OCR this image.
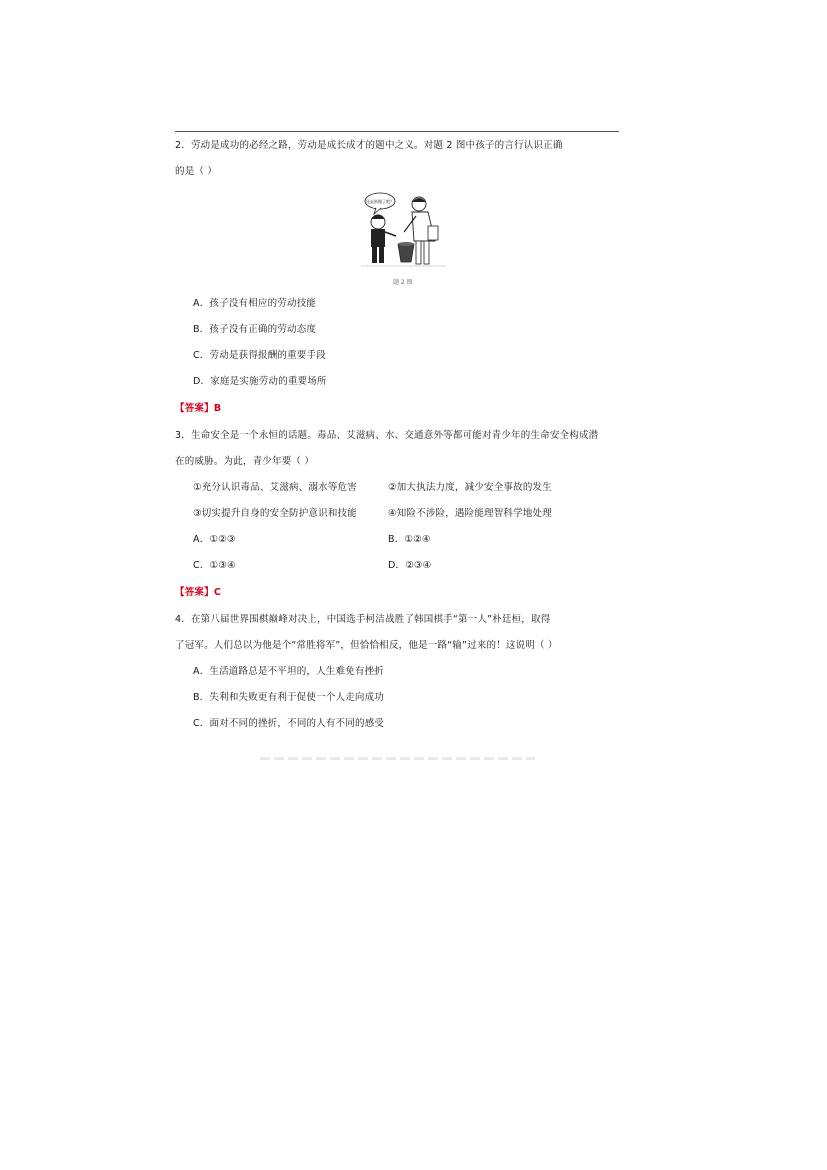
2．劳动是成功的必经之路，劳动是成长成才的题中之义。对题 2 图中孩子的言行认识正确
的是（ ）
还是别做了吧？
题 2 图
A．孩子没有相应的劳动技能
B．孩子没有正确的劳动态度
C．劳动是获得报酬的重要手段
D．家庭是实施劳动的重要场所
【答案】B
3．生命安全是一个永恒的话题。毒品、艾滋病、水、交通意外等都可能对青少年的生命安全构成潜
在的威胁。为此，青少年要（ ）
①充分认识毒品、艾滋病、溺水等危害	②加大执法力度，减少安全事故的发生
③切实提升自身的安全防护意识和技能	④知险不涉险，遇险能理智科学地处理
A．①②③	B．①②④
C．①③④	D．②③④
【答案】C
4．在第八届世界围棋巅峰对决上，中国选手柯洁战胜了韩国棋手“第一人”朴廷桓，取得
了冠军。人们总以为他是个“常胜将军”，但恰恰相反，他是一路“输”过来的！这说明（ ）
A．生活道路总是不平坦的，人生难免有挫折
B．失利和失败更有利于促使一个人走向成功
C．面对不同的挫折，不同的人有不同的感受
